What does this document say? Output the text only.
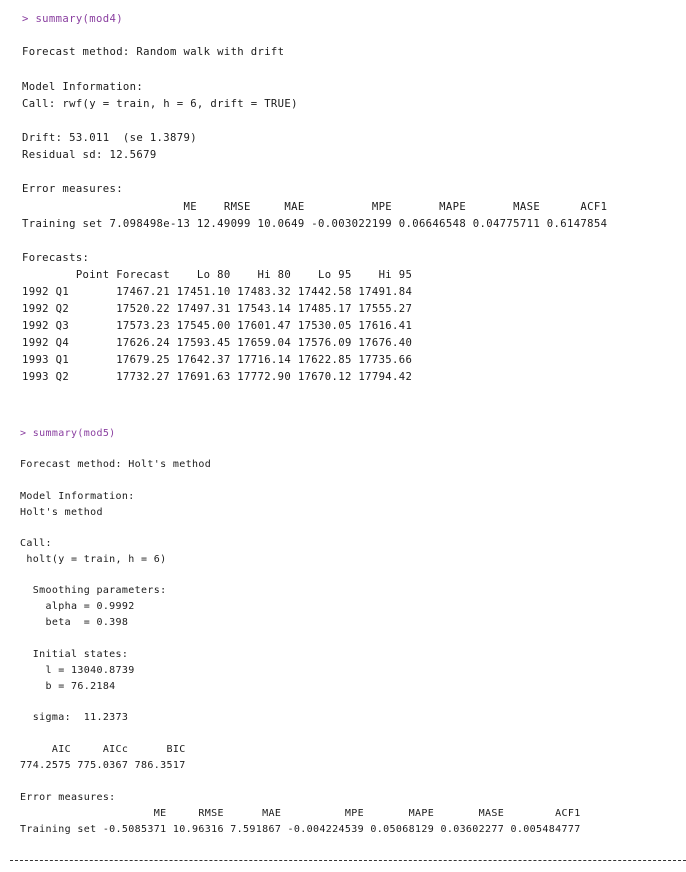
> summary(mod4)
Forecast method: Random walk with drift
Model Information:
Call: rwf(y = train, h = 6, drift = TRUE)
Drift: 53.011  (se 1.3879)
Residual sd: 12.5679
Error measures:
ME    RMSE     MAE          MPE       MAPE       MASE      ACF1
Training set 7.098498e-13 12.49099 10.0649 -0.003022199 0.06646548 0.04775711 0.6147854
Forecasts:
Point Forecast    Lo 80    Hi 80    Lo 95    Hi 95
1992 Q1       17467.21 17451.10 17483.32 17442.58 17491.84
1992 Q2       17520.22 17497.31 17543.14 17485.17 17555.27
1992 Q3       17573.23 17545.00 17601.47 17530.05 17616.41
1992 Q4       17626.24 17593.45 17659.04 17576.09 17676.40
1993 Q1       17679.25 17642.37 17716.14 17622.85 17735.66
1993 Q2       17732.27 17691.63 17772.90 17670.12 17794.42
> summary(mod5)
Forecast method: Holt's method
Model Information:
Holt's method
Call:
holt(y = train, h = 6)
Smoothing parameters:
alpha = 0.9992
beta  = 0.398
Initial states:
l = 13040.8739
b = 76.2184
sigma:  11.2373
AIC     AICc      BIC
774.2575 775.0367 786.3517
Error measures:
ME     RMSE      MAE          MPE       MAPE       MASE        ACF1
Training set -0.5085371 10.96316 7.591867 -0.004224539 0.05068129 0.03602277 0.005484777
